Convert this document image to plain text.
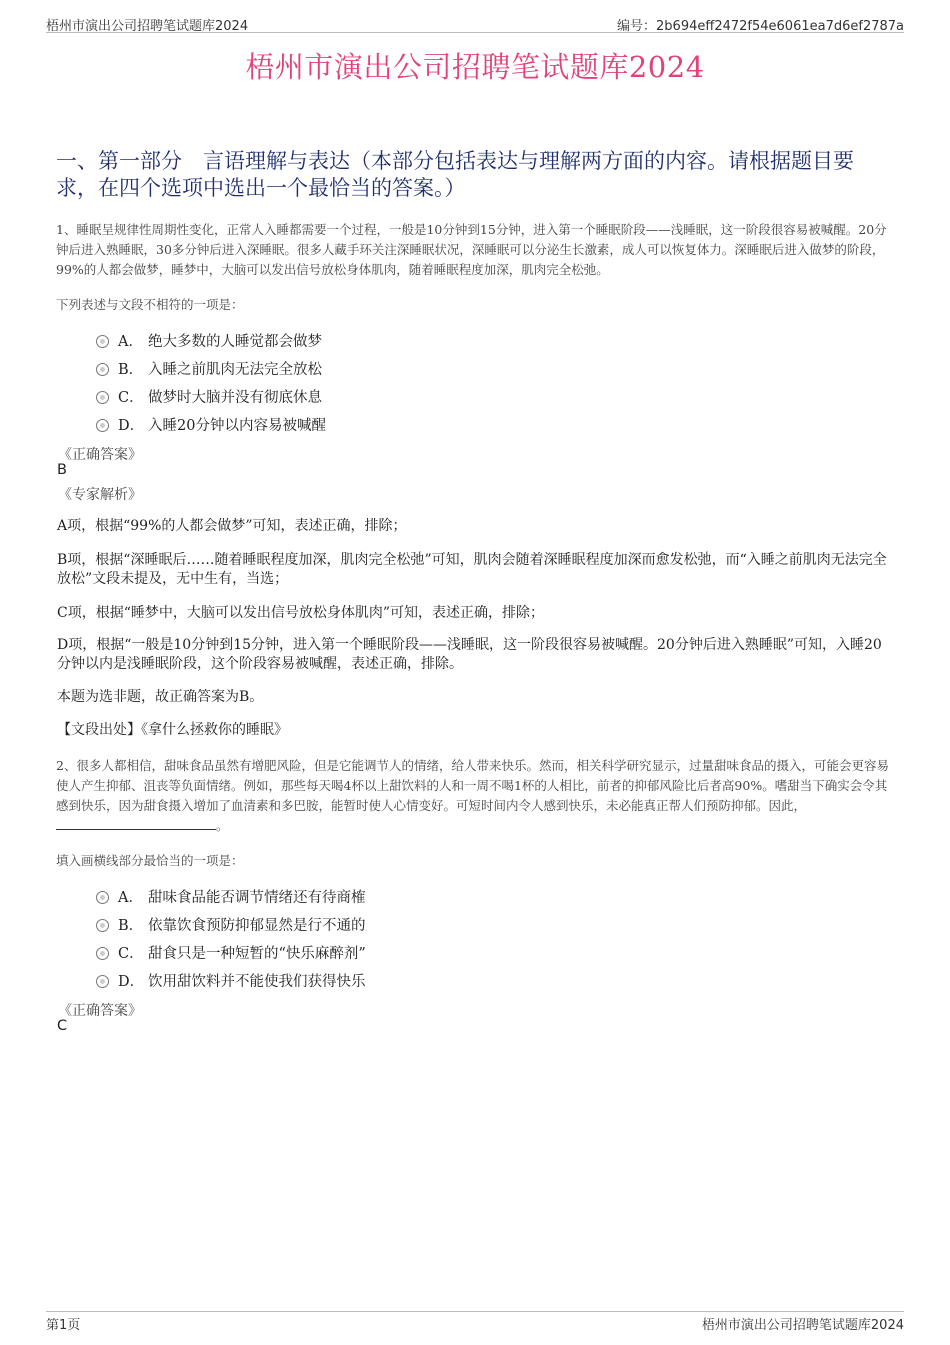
梧州市演出公司招聘笔试题库2024	编号：2b694eff2472f54e6061ea7d6ef2787a
梧州市演出公司招聘笔试题库2024
一、第一部分　言语理解与表达（本部分包括表达与理解两方面的内容。请根据题目要求，在四个选项中选出一个最恰当的答案。）
1、睡眠呈规律性周期性变化，正常人入睡都需要一个过程，一般是10分钟到15分钟，进入第一个睡眠阶段——浅睡眠，这一阶段很容易被喊醒。20分钟后进入熟睡眠，30多分钟后进入深睡眠。很多人藏手环关注深睡眠状况，深睡眠可以分泌生长激素，成人可以恢复体力。深睡眠后进入做梦的阶段，99%的人都会做梦，睡梦中，大脑可以发出信号放松身体肌肉，随着睡眠程度加深，肌肉完全松弛。
下列表述与文段不相符的一项是：
A． 绝大多数的人睡觉都会做梦
B． 入睡之前肌肉无法完全放松
C． 做梦时大脑并没有彻底休息
D． 入睡20分钟以内容易被喊醒
《正确答案》
B
《专家解析》
A项，根据“99%的人都会做梦”可知，表述正确，排除；
B项，根据“深睡眠后……随着睡眠程度加深，肌肉完全松弛”可知，肌肉会随着深睡眠程度加深而愈发松弛，而“入睡之前肌肉无法完全放松”文段未提及，无中生有，当选；
C项，根据“睡梦中，大脑可以发出信号放松身体肌肉”可知，表述正确，排除；
D项，根据“一般是10分钟到15分钟，进入第一个睡眠阶段——浅睡眠，这一阶段很容易被喊醒。20分钟后进入熟睡眠”可知，入睡20分钟以内是浅睡眠阶段，这个阶段容易被喊醒，表述正确，排除。
本题为选非题，故正确答案为B。
【文段出处】《拿什么拯救你的睡眠》
2、很多人都相信，甜味食品虽然有增肥风险，但是它能调节人的情绪，给人带来快乐。然而，相关科学研究显示，过量甜味食品的摄入，可能会更容易使人产生抑郁、沮丧等负面情绪。例如，那些每天喝4杯以上甜饮料的人和一周不喝1杯的人相比，前者的抑郁风险比后者高90%。嗜甜当下确实会令其感到快乐，因为甜食摄入增加了血清素和多巴胺，能暂时使人心情变好。可短时间内令人感到快乐，未必能真正帮人们预防抑郁。因此，。
填入画横线部分最恰当的一项是：
A． 甜味食品能否调节情绪还有待商榷
B． 依靠饮食预防抑郁显然是行不通的
C． 甜食只是一种短暂的“快乐麻醉剂”
D． 饮用甜饮料并不能使我们获得快乐
《正确答案》
C
第1页	梧州市演出公司招聘笔试题库2024
